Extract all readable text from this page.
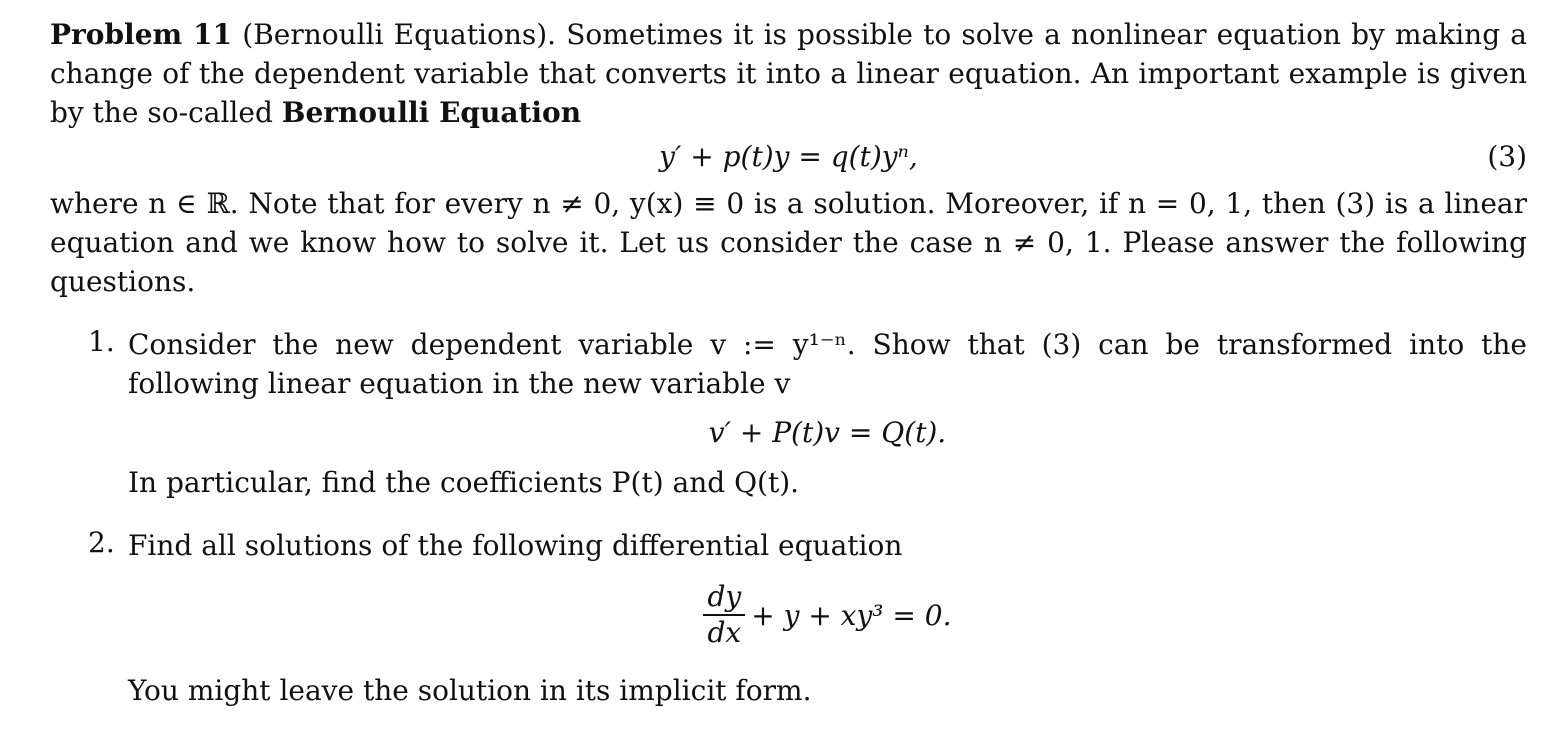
Problem 11 (Bernoulli Equations). Sometimes it is possible to solve a nonlinear equation by making a change of the dependent variable that converts it into a linear equation. An important example is given by the so-called Bernoulli Equation

y′ + p(t)y = q(t)yⁿ,	(3)

where n ∈ ℝ. Note that for every n ≠ 0, y(x) ≡ 0 is a solution. Moreover, if n = 0, 1, then (3) is a linear equation and we know how to solve it. Let us consider the case n ≠ 0, 1. Please answer the following questions.

1. Consider the new dependent variable v := y¹⁻ⁿ. Show that (3) can be transformed into the following linear equation in the new variable v

v′ + P(t)v = Q(t).

In particular, find the coefficients P(t) and Q(t).

2. Find all solutions of the following differential equation

$\frac{dy}{dx} + y + xy^3 = 0$.

You might leave the solution in its implicit form.
